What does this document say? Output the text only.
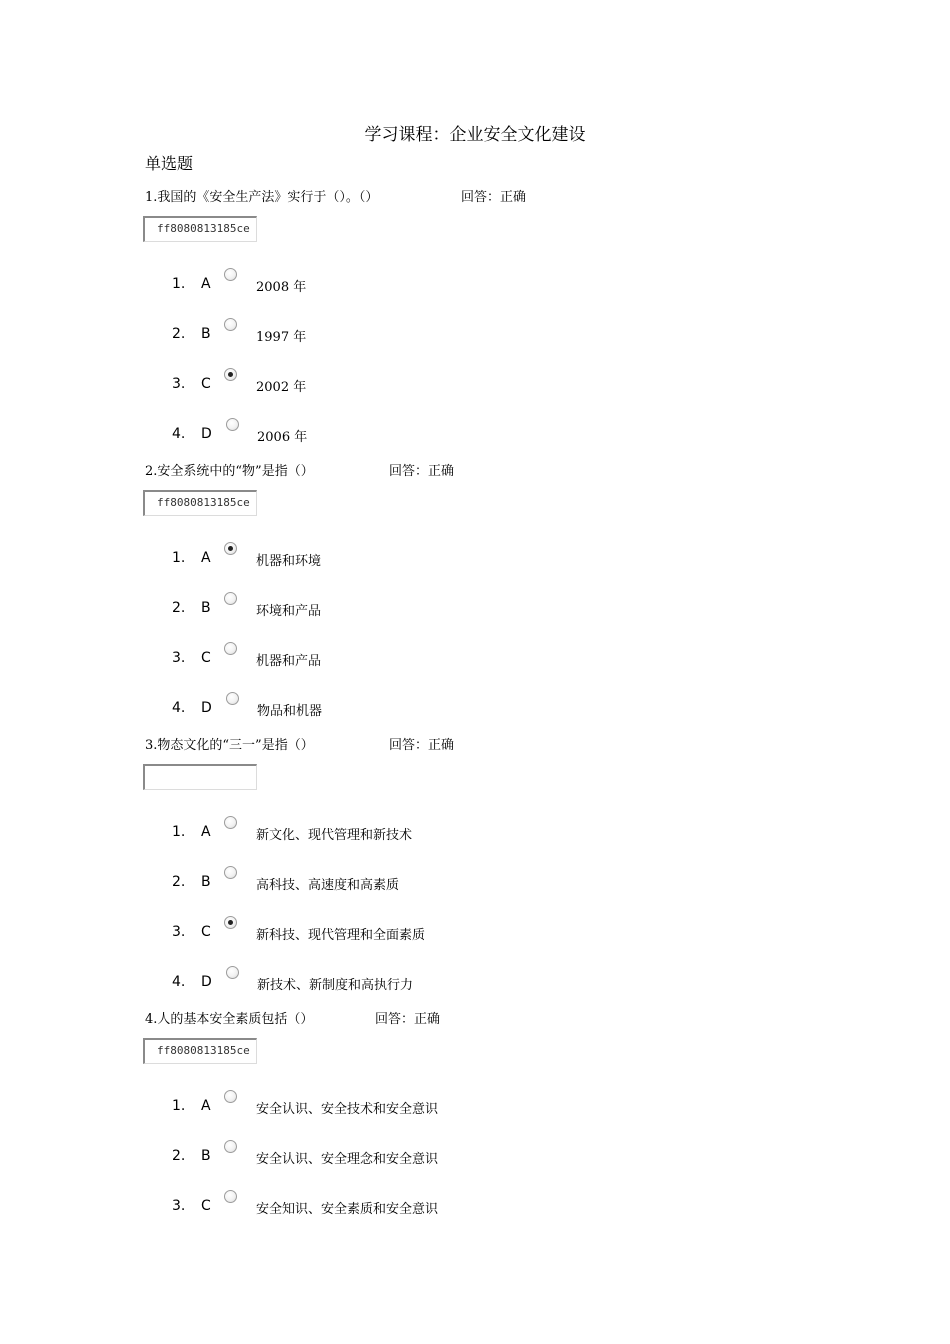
学习课程：企业安全文化建设
单选题
1.我国的《安全生产法》实行于（）。（）	回答：正确
ff8080813185ce
1. A	2008 年
2. B	1997 年
3. C	2002 年
4. D	2006 年
2.安全系统中的“物”是指（）	回答：正确
ff8080813185ce
1. A	机器和环境
2. B	环境和产品
3. C	机器和产品
4. D	物品和机器
3.物态文化的“三一”是指（）	回答：正确
1. A	新文化、现代管理和新技术
2. B	高科技、高速度和高素质
3. C	新科技、现代管理和全面素质
4. D	新技术、新制度和高执行力
4.人的基本安全素质包括（）	回答：正确
ff8080813185ce
1. A	安全认识、安全技术和安全意识
2. B	安全认识、安全理念和安全意识
3. C	安全知识、安全素质和安全意识
